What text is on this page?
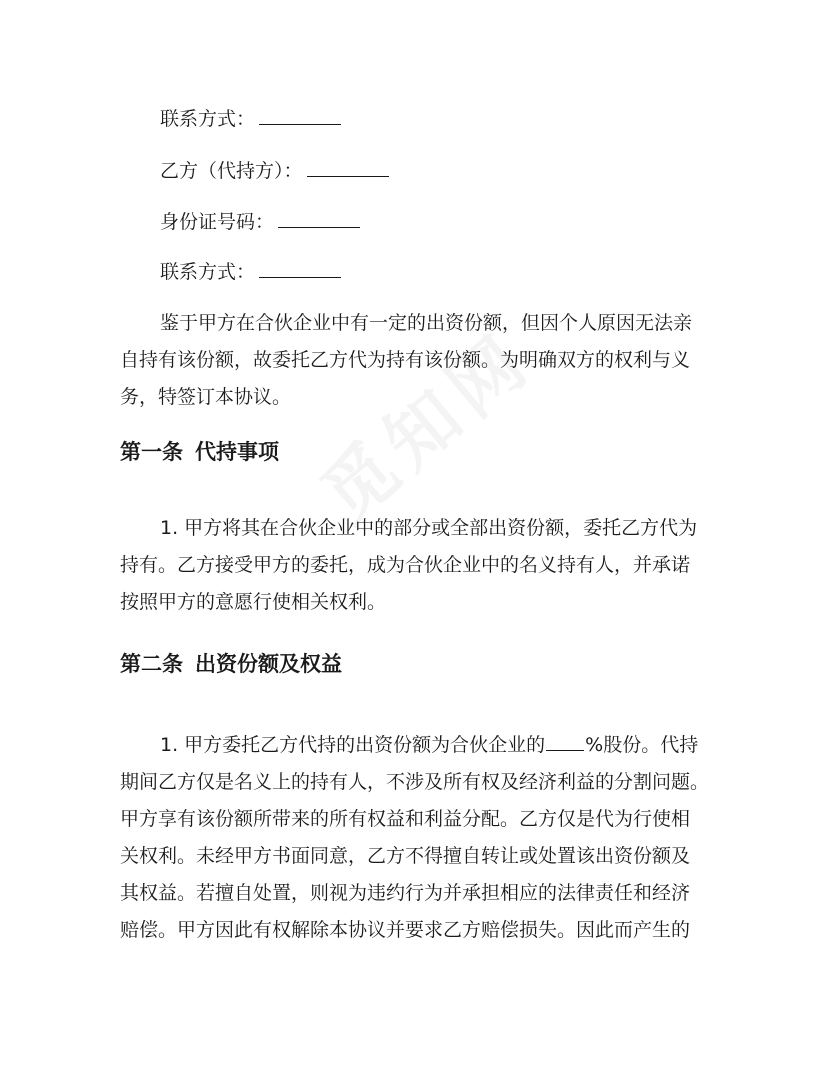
联系方式：
乙方（代持方）：
身份证号码：
联系方式：
鉴于甲方在合伙企业中有一定的出资份额，但因个人原因无法亲
自持有该份额，故委托乙方代为持有该份额。为明确双方的权利与义
务，特签订本协议。
第一条 代持事项
1. 甲方将其在合伙企业中的部分或全部出资份额，委托乙方代为
持有。乙方接受甲方的委托，成为合伙企业中的名义持有人，并承诺
按照甲方的意愿行使相关权利。
第二条 出资份额及权益
1. 甲方委托乙方代持的出资份额为合伙企业的 %股份。代持
期间乙方仅是名义上的持有人，不涉及所有权及经济利益的分割问题。
甲方享有该份额所带来的所有权益和利益分配。乙方仅是代为行使相
关权利。未经甲方书面同意，乙方不得擅自转让或处置该出资份额及
其权益。若擅自处置，则视为违约行为并承担相应的法律责任和经济
赔偿。甲方因此有权解除本协议并要求乙方赔偿损失。因此而产生的
